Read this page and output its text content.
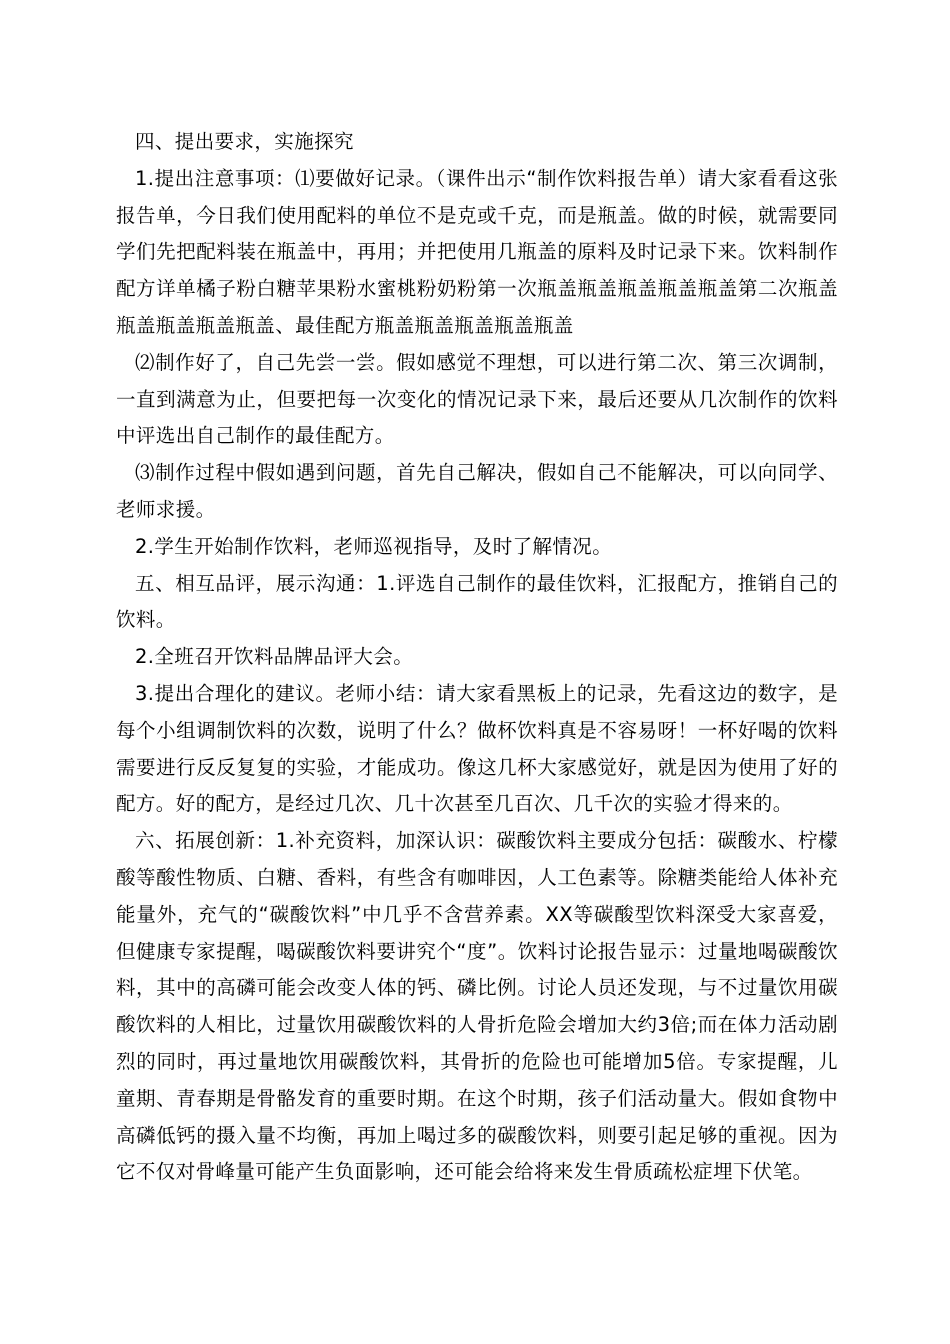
四、提出要求，实施探究

1.提出注意事项：⑴要做好记录。（课件出示“制作饮料报告单）请大家看看这张报告单，今日我们使用配料的单位不是克或千克，而是瓶盖。做的时候，就需要同学们先把配料装在瓶盖中，再用；并把使用几瓶盖的原料及时记录下来。饮料制作配方详单橘子粉白糖苹果粉水蜜桃粉奶粉第一次瓶盖瓶盖瓶盖瓶盖瓶盖第二次瓶盖瓶盖瓶盖瓶盖瓶盖、最佳配方瓶盖瓶盖瓶盖瓶盖瓶盖

⑵制作好了，自己先尝一尝。假如感觉不理想，可以进行第二次、第三次调制，一直到满意为止，但要把每一次变化的情况记录下来，最后还要从几次制作的饮料中评选出自己制作的最佳配方。

⑶制作过程中假如遇到问题，首先自己解决，假如自己不能解决，可以向同学、老师求援。

2.学生开始制作饮料，老师巡视指导，及时了解情况。

五、相互品评，展示沟通：1.评选自己制作的最佳饮料，汇报配方，推销自己的饮料。

2.全班召开饮料品牌品评大会。

3.提出合理化的建议。老师小结：请大家看黑板上的记录，先看这边的数字，是每个小组调制饮料的次数，说明了什么？做杯饮料真是不容易呀！一杯好喝的饮料需要进行反反复复的实验，才能成功。像这几杯大家感觉好，就是因为使用了好的配方。好的配方，是经过几次、几十次甚至几百次、几千次的实验才得来的。

六、拓展创新：1.补充资料，加深认识：碳酸饮料主要成分包括：碳酸水、柠檬酸等酸性物质、白糖、香料，有些含有咖啡因，人工色素等。除糖类能给人体补充能量外，充气的“碳酸饮料”中几乎不含营养素。XX等碳酸型饮料深受大家喜爱，但健康专家提醒，喝碳酸饮料要讲究个“度”。饮料讨论报告显示：过量地喝碳酸饮料，其中的高磷可能会改变人体的钙、磷比例。讨论人员还发现，与不过量饮用碳酸饮料的人相比，过量饮用碳酸饮料的人骨折危险会增加大约3倍;而在体力活动剧烈的同时，再过量地饮用碳酸饮料，其骨折的危险也可能增加5倍。专家提醒，儿童期、青春期是骨骼发育的重要时期。在这个时期，孩子们活动量大。假如食物中高磷低钙的摄入量不均衡，再加上喝过多的碳酸饮料，则要引起足够的重视。因为它不仅对骨峰量可能产生负面影响，还可能会给将来发生骨质疏松症埋下伏笔。
